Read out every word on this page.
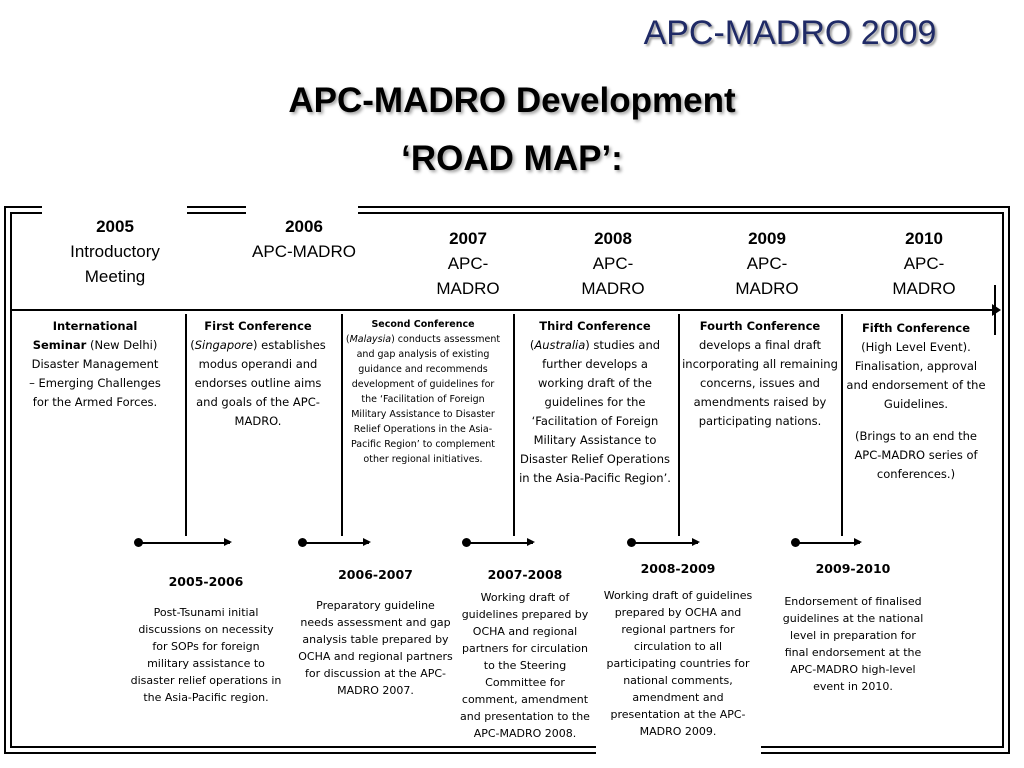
APC-MADRO 2009
APC-MADRO Development
‘ROAD MAP’:
2005
Introductory Meeting
2006
APC-MADRO
2007
APC-MADRO
2008
APC-MADRO
2009
APC-MADRO
2010
APC-MADRO
International Seminar (New Delhi) Disaster Management – Emerging Challenges for the Armed Forces.
First Conference
(Singapore) establishes modus operandi and endorses outline aims and goals of the APC-MADRO.
Second Conference
(Malaysia) conducts assessment and gap analysis of existing guidance and recommends development of guidelines for the ‘Facilitation of Foreign Military Assistance to Disaster Relief Operations in the Asia-Pacific Region’ to complement other regional initiatives.
Third Conference
(Australia) studies and further develops a working draft of the guidelines for the ‘Facilitation of Foreign Military Assistance to Disaster Relief Operations in the Asia-Pacific Region’.
Fourth Conference develops a final draft incorporating all remaining concerns, issues and amendments raised by participating nations.
Fifth Conference (High Level Event). Finalisation, approval and endorsement of the Guidelines.
(Brings to an end the APC-MADRO series of conferences.)
2005-2006
Post-Tsunami initial discussions on necessity for SOPs for foreign military assistance to disaster relief operations in the Asia-Pacific region.
2006-2007
Preparatory guideline needs assessment and gap analysis table prepared by OCHA and regional partners for discussion at the APC-MADRO 2007.
2007-2008
Working draft of guidelines prepared by OCHA and regional partners for circulation to the Steering Committee for comment, amendment and presentation to the APC-MADRO 2008.
2008-2009
Working draft of guidelines prepared by OCHA and regional partners for circulation to all participating countries for national comments, amendment and presentation at the APC-MADRO 2009.
2009-2010
Endorsement of finalised guidelines at the national level in preparation for final endorsement at the APC-MADRO high-level event in 2010.
